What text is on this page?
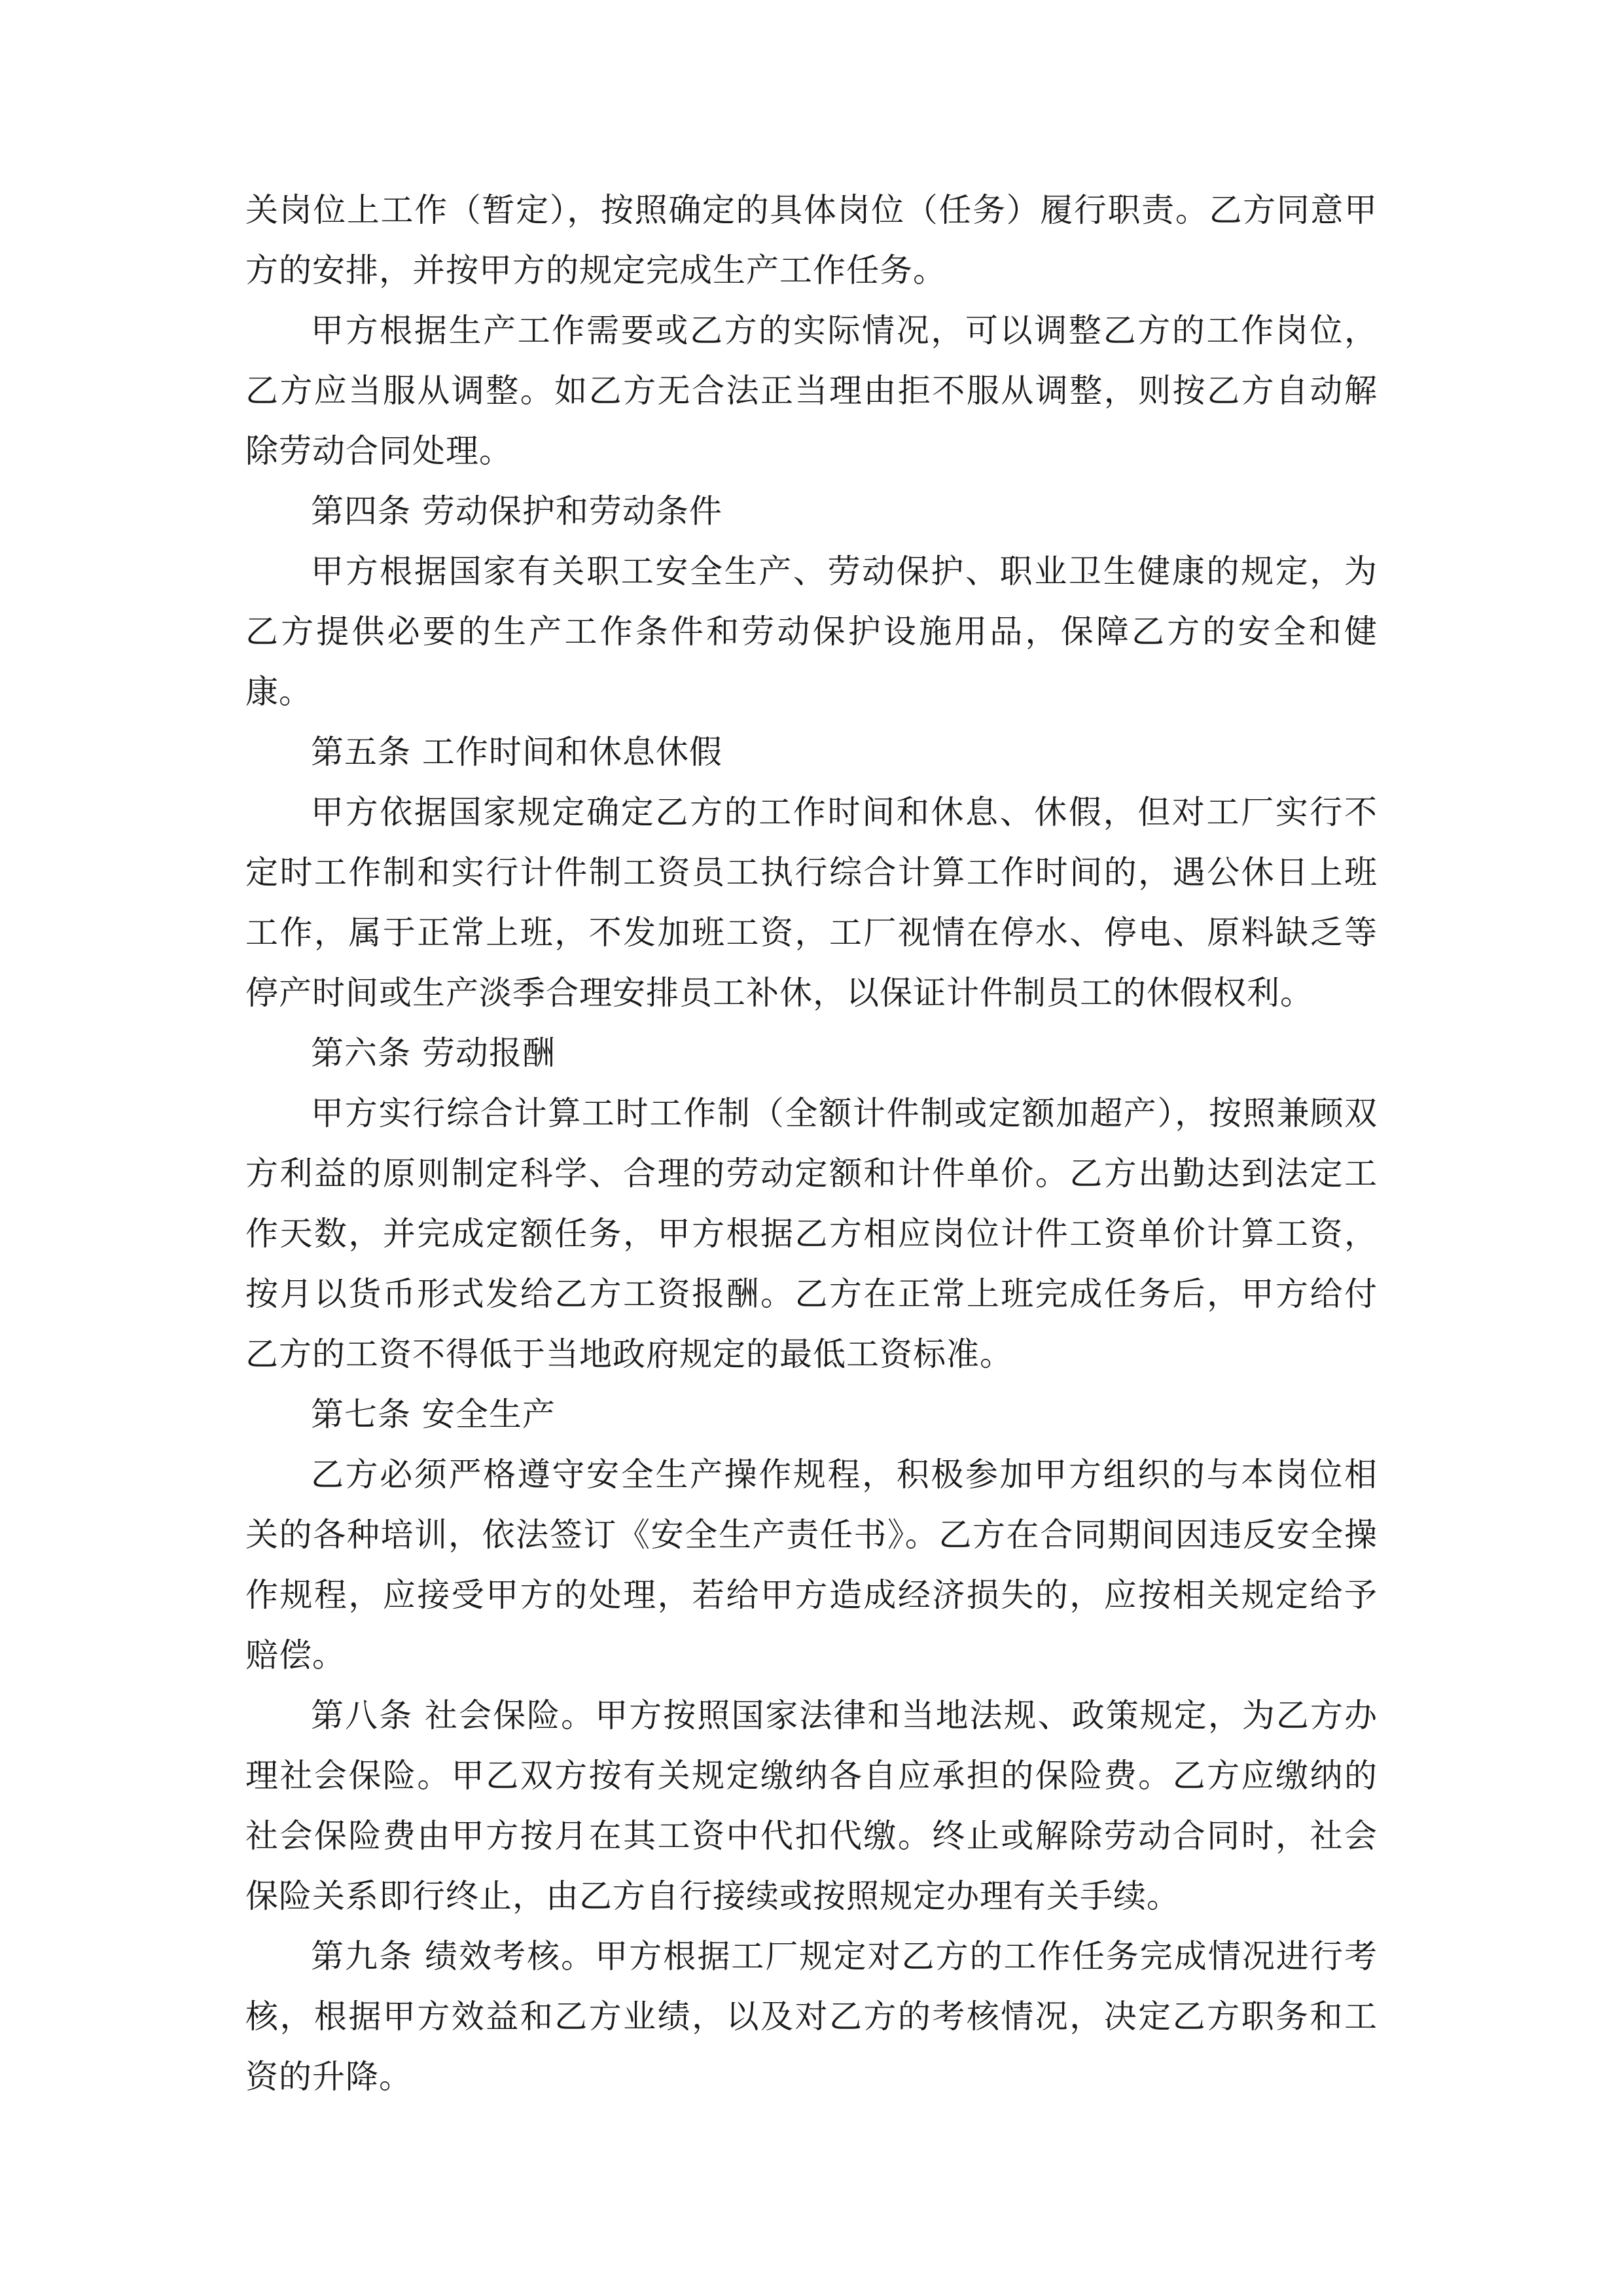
关岗位上工作（暂定），按照确定的具体岗位（任务）履行职责。乙方同意甲方的安排，并按甲方的规定完成生产工作任务。

甲方根据生产工作需要或乙方的实际情况，可以调整乙方的工作岗位，乙方应当服从调整。如乙方无合法正当理由拒不服从调整，则按乙方自动解除劳动合同处理。

第四条 劳动保护和劳动条件

甲方根据国家有关职工安全生产、劳动保护、职业卫生健康的规定，为乙方提供必要的生产工作条件和劳动保护设施用品，保障乙方的安全和健康。

第五条 工作时间和休息休假

甲方依据国家规定确定乙方的工作时间和休息、休假，但对工厂实行不定时工作制和实行计件制工资员工执行综合计算工作时间的，遇公休日上班工作，属于正常上班，不发加班工资，工厂视情在停水、停电、原料缺乏等停产时间或生产淡季合理安排员工补休，以保证计件制员工的休假权利。

第六条 劳动报酬

甲方实行综合计算工时工作制（全额计件制或定额加超产），按照兼顾双方利益的原则制定科学、合理的劳动定额和计件单价。乙方出勤达到法定工作天数，并完成定额任务，甲方根据乙方相应岗位计件工资单价计算工资，按月以货币形式发给乙方工资报酬。乙方在正常上班完成任务后，甲方给付乙方的工资不得低于当地政府规定的最低工资标准。

第七条 安全生产

乙方必须严格遵守安全生产操作规程，积极参加甲方组织的与本岗位相关的各种培训，依法签订《安全生产责任书》。乙方在合同期间因违反安全操作规程，应接受甲方的处理，若给甲方造成经济损失的，应按相关规定给予赔偿。

第八条 社会保险。甲方按照国家法律和当地法规、政策规定，为乙方办理社会保险。甲乙双方按有关规定缴纳各自应承担的保险费。乙方应缴纳的社会保险费由甲方按月在其工资中代扣代缴。终止或解除劳动合同时，社会保险关系即行终止，由乙方自行接续或按照规定办理有关手续。

第九条 绩效考核。甲方根据工厂规定对乙方的工作任务完成情况进行考核，根据甲方效益和乙方业绩，以及对乙方的考核情况，决定乙方职务和工资的升降。
